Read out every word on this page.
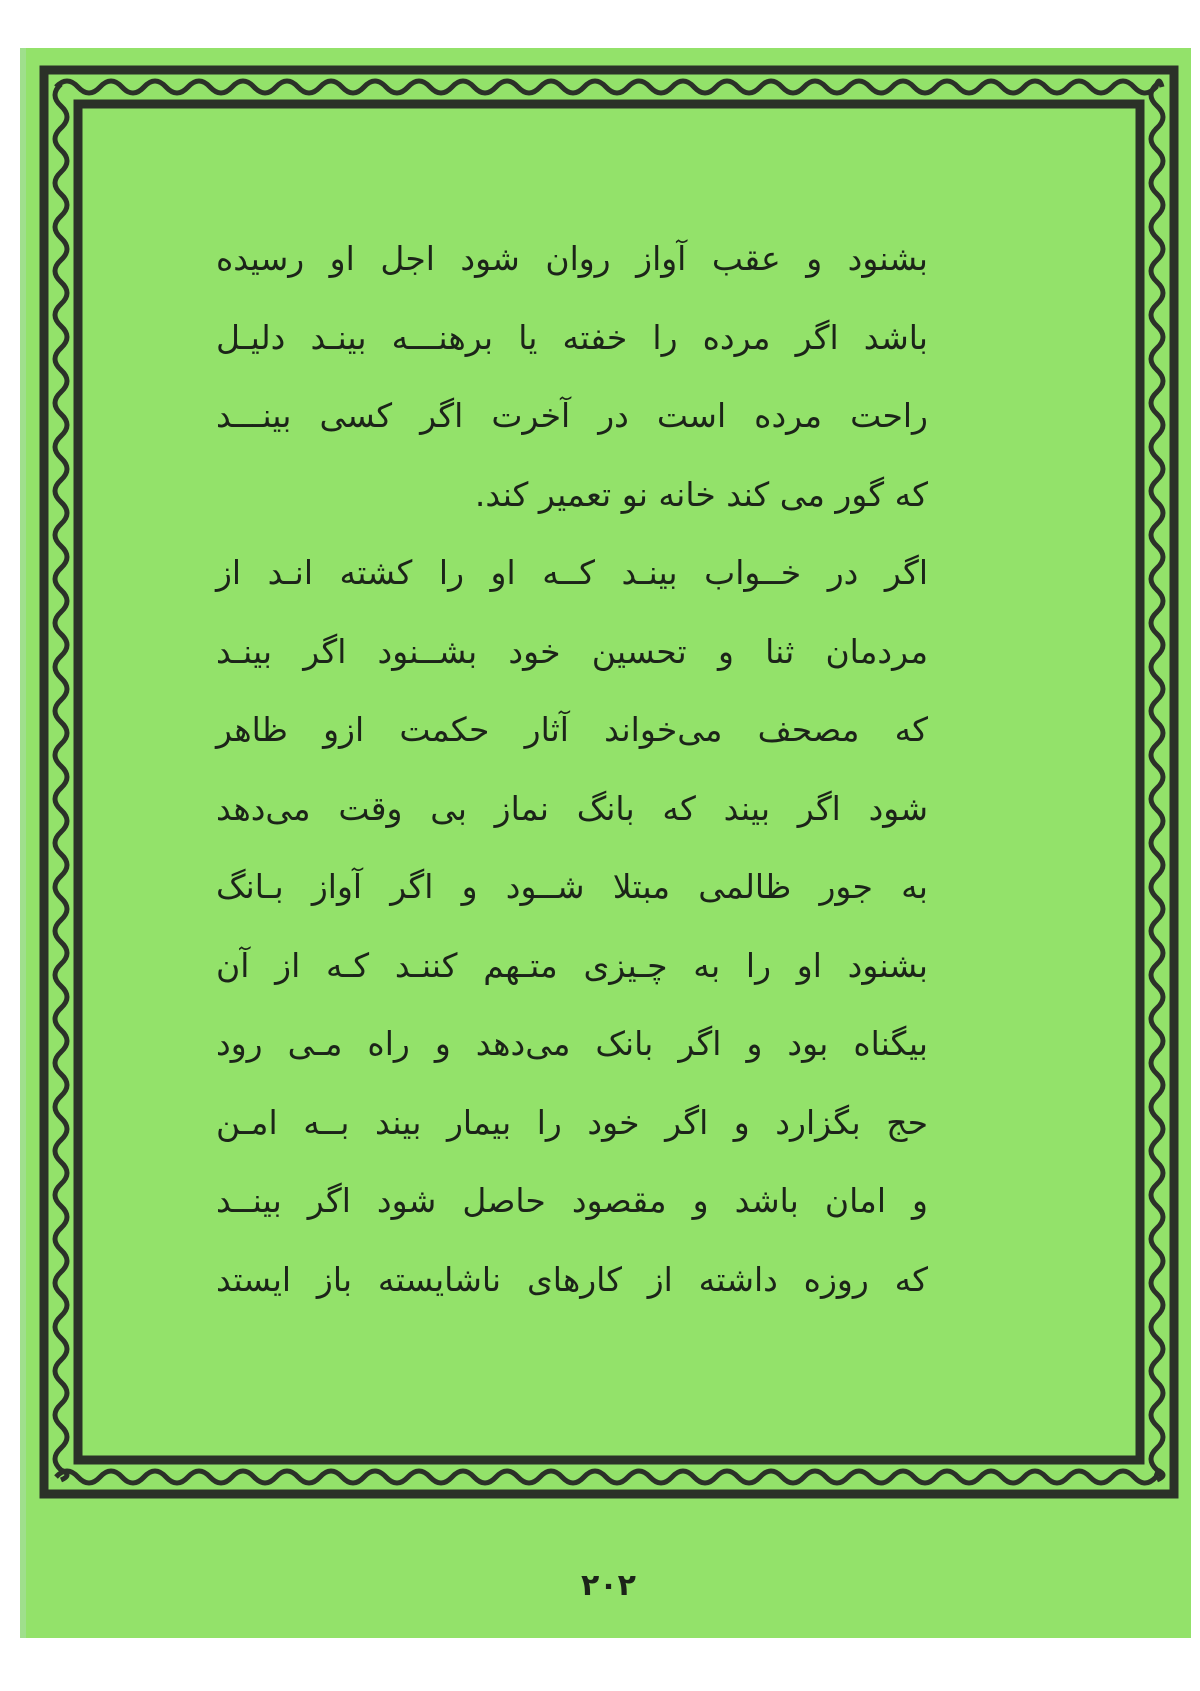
بشنود و عقب آواز روان شود اجل او رسیده
باشد اگر مرده را خفته یا برهنـــه بینـد دلیـل
راحت مرده است در آخرت اگر کسی بینـــد
که گور می کند خانه نو تعمیر کند.
اگر در خــواب بینـد کــه او را کشته انـد از
مردمان ثنا و تحسین خود بشــنود اگر بینـد
که مصحف می‌خواند آثار حکمت ازو ظاهر
شود اگر بیند که بانگ نماز بی وقت می‌دهد
به جور ظالمی مبتلا شــود و اگر آواز بـانگ
بشنود او را به چـیزی متـهم کننـد کـه از آن
بیگناه بود و اگر بانک می‌دهد و راه مـی رود
حج بگزارد و اگر خود را بیمار بیند بــه امـن
و امان باشد و مقصود حاصل شود اگر بینــد
که روزه داشته از کارهای ناشایسته باز ایستد
۲۰۲
